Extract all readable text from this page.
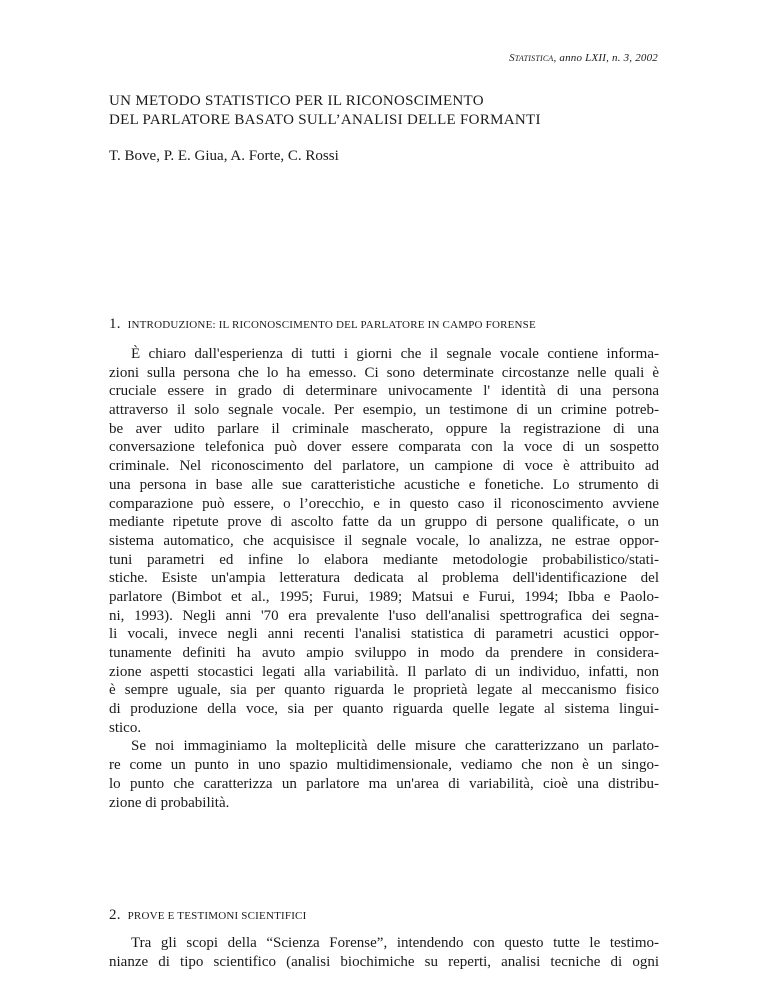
Statistica, anno LXII, n. 3, 2002
UN METODO STATISTICO PER IL RICONOSCIMENTO
DEL PARLATORE BASATO SULL’ANALISI DELLE FORMANTI
T. Bove, P. E. Giua, A. Forte, C. Rossi
1. INTRODUZIONE: IL RICONOSCIMENTO DEL PARLATORE IN CAMPO FORENSE
È chiaro dall'esperienza di tutti i giorni che il segnale vocale contiene informa-
zioni sulla persona che lo ha emesso. Ci sono determinate circostanze nelle quali è
cruciale essere in grado di determinare univocamente l' identità di una persona
attraverso il solo segnale vocale. Per esempio, un testimone di un crimine potreb-
be aver udito parlare il criminale mascherato, oppure la registrazione di una
conversazione telefonica può dover essere comparata con la voce di un sospetto
criminale. Nel riconoscimento del parlatore, un campione di voce è attribuito ad
una persona in base alle sue caratteristiche acustiche e fonetiche. Lo strumento di
comparazione può essere, o l’orecchio, e in questo caso il riconoscimento avviene
mediante ripetute prove di ascolto fatte da un gruppo di persone qualificate, o un
sistema automatico, che acquisisce il segnale vocale, lo analizza, ne estrae oppor-
tuni parametri ed infine lo elabora mediante metodologie probabilistico/stati-
stiche. Esiste un'ampia letteratura dedicata al problema dell'identificazione del
parlatore (Bimbot et al., 1995; Furui, 1989; Matsui e Furui, 1994; Ibba e Paolo-
ni, 1993). Negli anni '70 era prevalente l'uso dell'analisi spettrografica dei segna-
li vocali, invece negli anni recenti l'analisi statistica di parametri acustici oppor-
tunamente definiti ha avuto ampio sviluppo in modo da prendere in considera-
zione aspetti stocastici legati alla variabilità. Il parlato di un individuo, infatti, non
è sempre uguale, sia per quanto riguarda le proprietà legate al meccanismo fisico
di produzione della voce, sia per quanto riguarda quelle legate al sistema lingui-
stico.
Se noi immaginiamo la molteplicità delle misure che caratterizzano un parlato-
re come un punto in uno spazio multidimensionale, vediamo che non è un singo-
lo punto che caratterizza un parlatore ma un'area di variabilità, cioè una distribu-
zione di probabilità.
2. PROVE E TESTIMONI SCIENTIFICI
Tra gli scopi della “Scienza Forense”, intendendo con questo tutte le testimo-
nianze di tipo scientifico (analisi biochimiche su reperti, analisi tecniche di ogni
